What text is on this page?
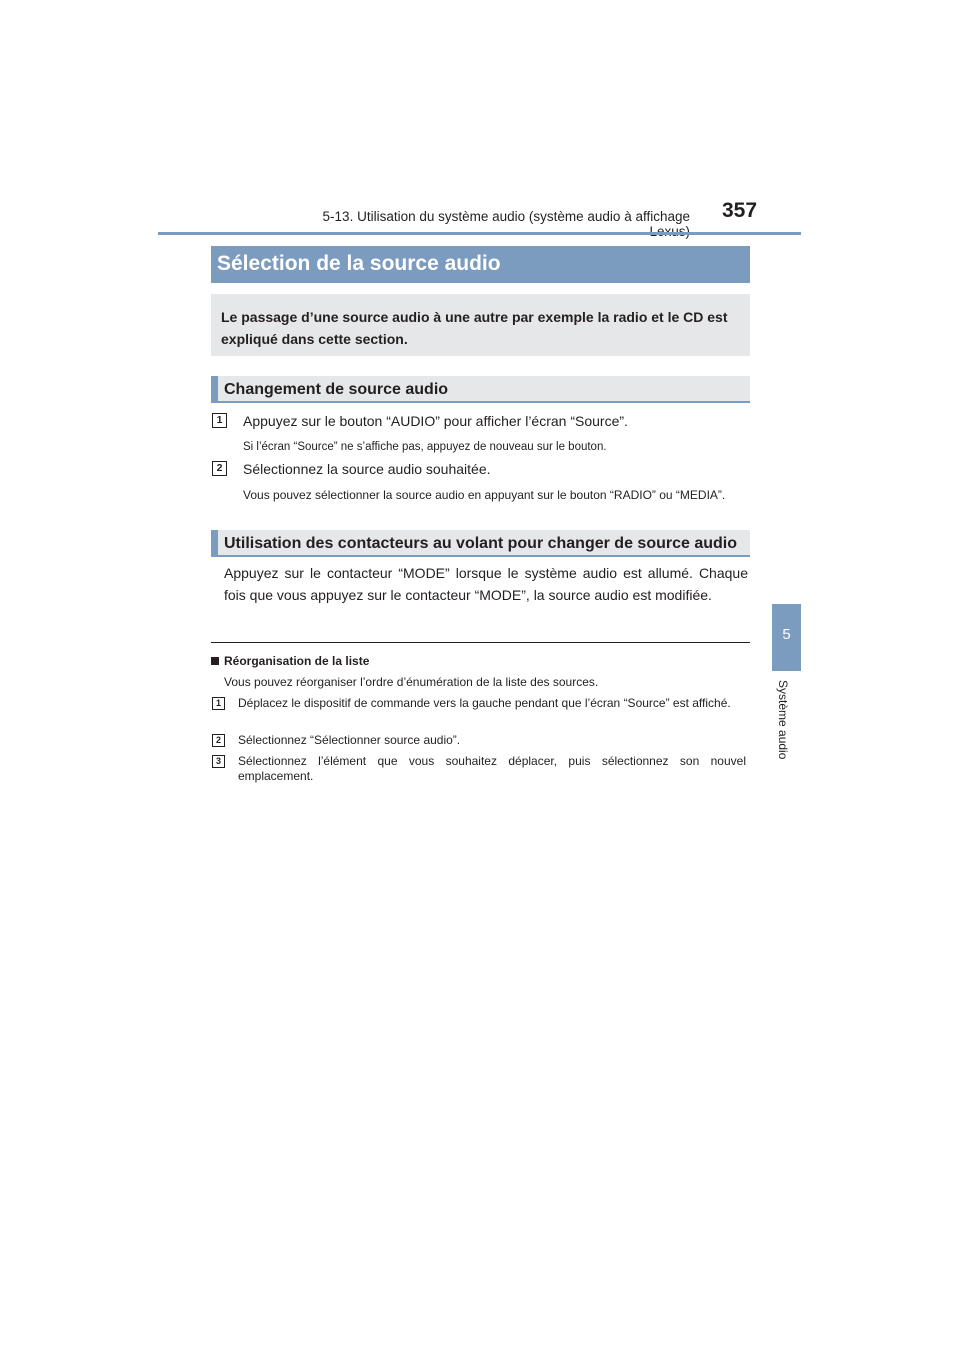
5-13. Utilisation du système audio (système audio à affichage 357
5
Système audio
Sélection de la source audio
Le passage d’une source audio à une autre par exemple la radio et le CD est expliqué dans cette section.
Changement de source audio
1	Appuyez sur le bouton “AUDIO” pour afficher l’écran “Source”.
Si l’écran “Source” ne s’affiche pas, appuyez de nouveau sur le bouton.
2	Sélectionnez la source audio souhaitée.
Vous pouvez sélectionner la source audio en appuyant sur le bouton “RADIO” ou “MEDIA”.
Utilisation des contacteurs au volant pour changer de source audio
Appuyez sur le contacteur “MODE” lorsque le système audio est allumé. Chaque fois que vous appuyez sur le contacteur “MODE”, la source audio est modifiée.
Réorganisation de la liste
Vous pouvez réorganiser l’ordre d’énumération de la liste des sources.
1	Déplacez le dispositif de commande vers la gauche pendant que l’écran “Source” est affiché.
2	Sélectionnez “Sélectionner source audio”.
3	Sélectionnez l’élément que vous souhaitez déplacer, puis sélectionnez son nouvel emplacement.
